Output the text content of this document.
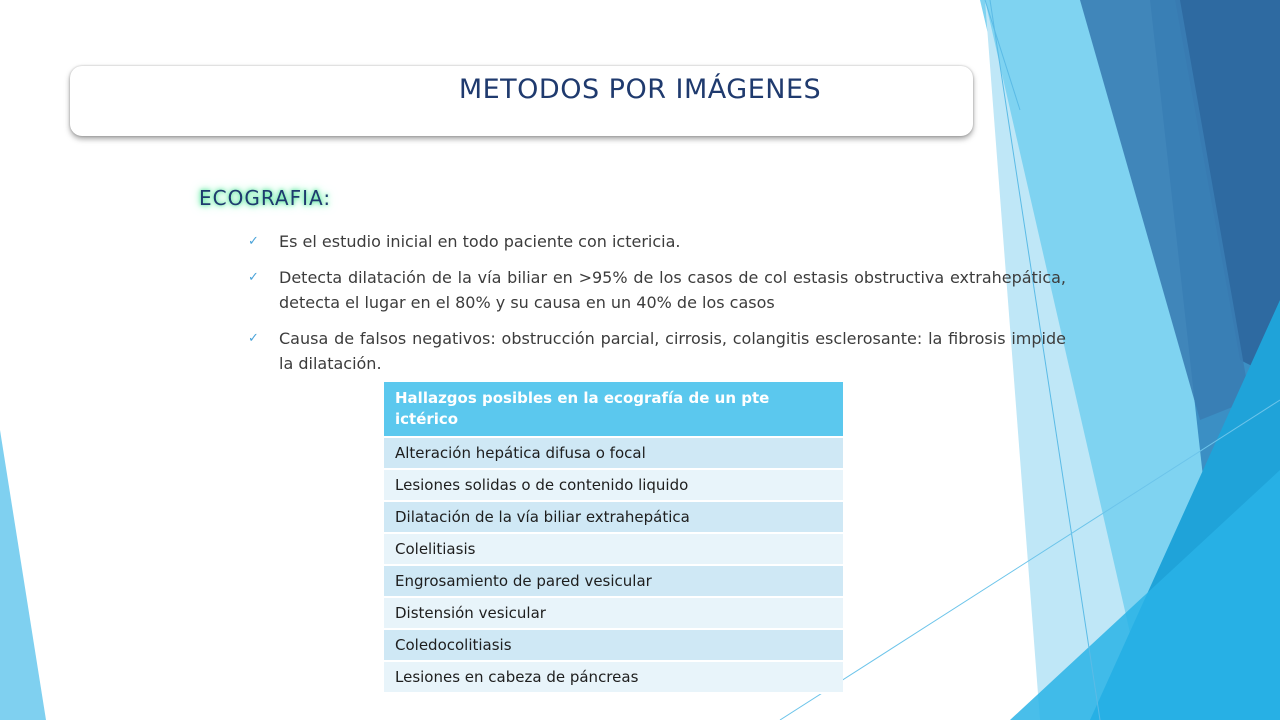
METODOS POR IMÁGENES
ECOGRAFIA:
✓ Es el estudio inicial en todo paciente con ictericia.
✓ Detecta dilatación de la vía biliar en >95% de los casos de col estasis obstructiva extrahepática, detecta el lugar en el 80% y su causa en un 40% de los casos
✓ Causa de falsos negativos: obstrucción parcial, cirrosis, colangitis esclerosante: la fibrosis impide la dilatación.
Hallazgos posibles en la ecografía de un pte ictérico
Alteración hepática difusa o focal
Lesiones solidas o de contenido liquido
Dilatación de la vía biliar extrahepática
Colelitiasis
Engrosamiento de pared vesicular
Distensión vesicular
Coledocolitiasis
Lesiones en cabeza de páncreas
